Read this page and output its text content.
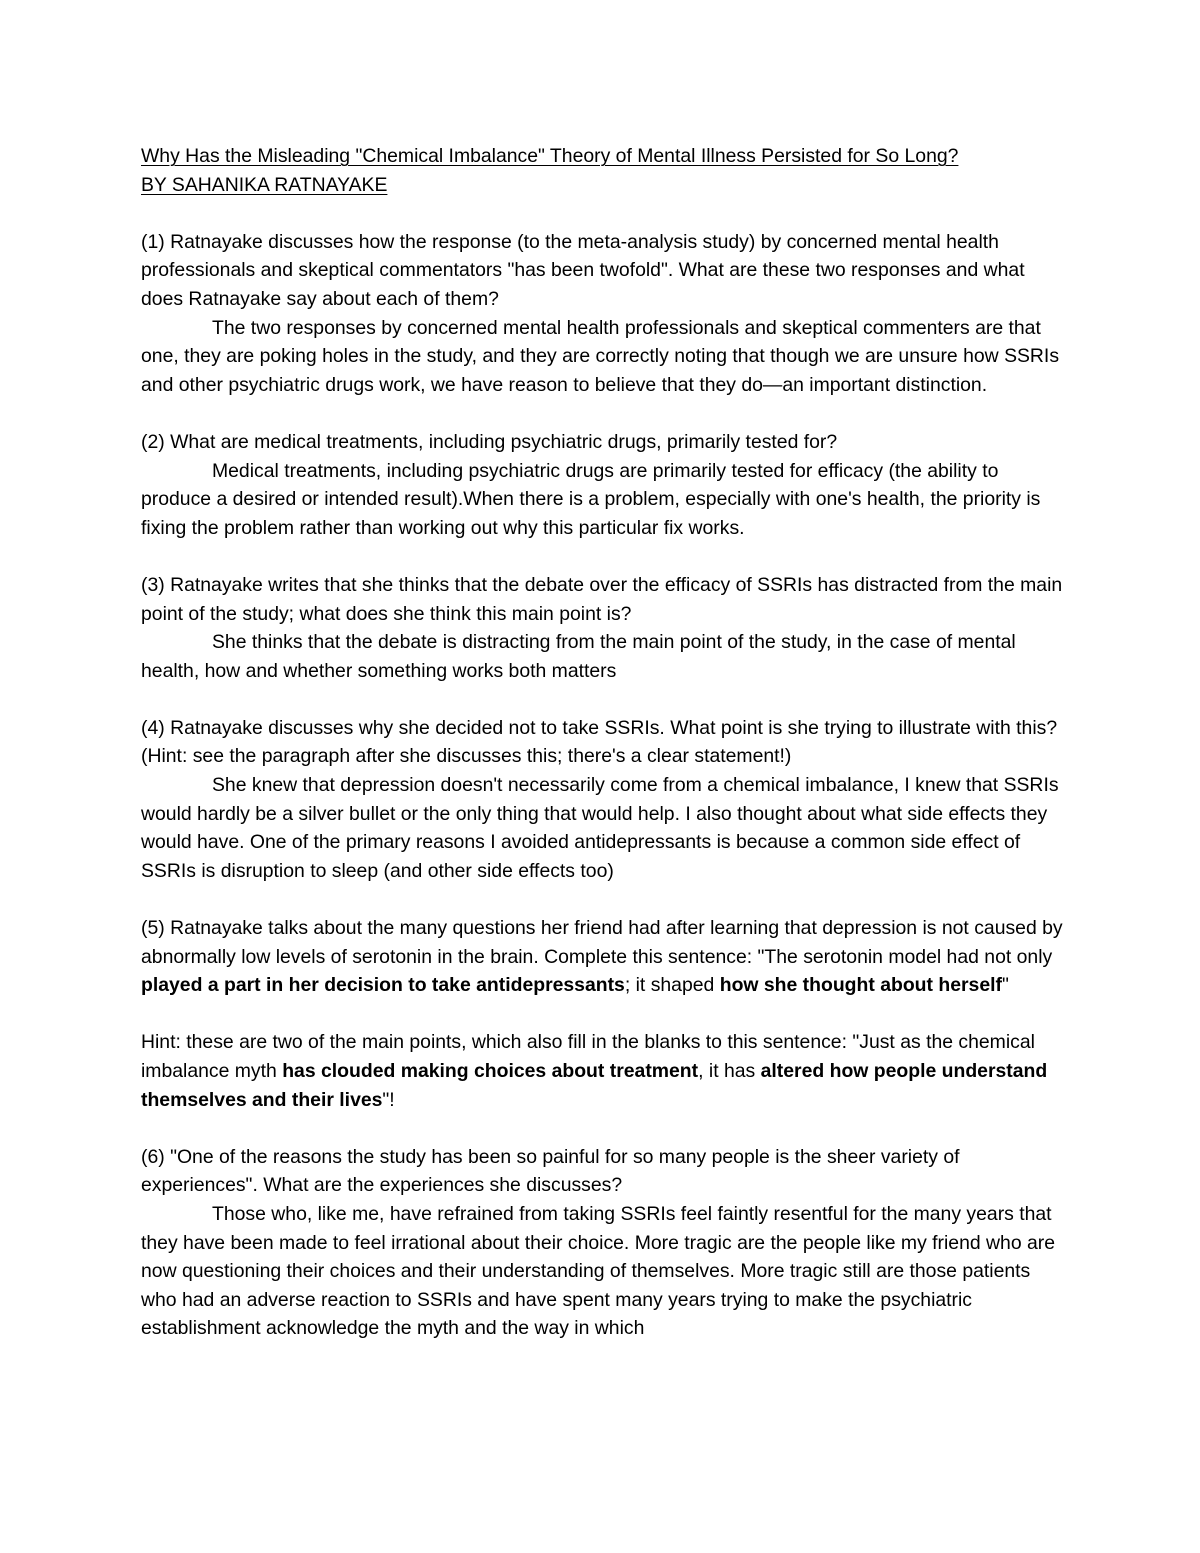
Why Has the Misleading "Chemical Imbalance" Theory of Mental Illness Persisted for So Long?
BY SAHANIKA RATNAYAKE
(1) Ratnayake discusses how the response (to the meta-analysis study) by concerned mental health professionals and skeptical commentators "has been twofold". What are these two responses and what does Ratnayake say about each of them?
The two responses by concerned mental health professionals and skeptical commenters are that one, they are poking holes in the study, and they are correctly noting that though we are unsure how SSRIs and other psychiatric drugs work, we have reason to believe that they do—an important distinction.
(2) What are medical treatments, including psychiatric drugs, primarily tested for?
Medical treatments, including psychiatric drugs are primarily tested for efficacy (the ability to produce a desired or intended result).When there is a problem, especially with one's health, the priority is fixing the problem rather than working out why this particular fix works.
(3) Ratnayake writes that she thinks that the debate over the efficacy of SSRIs has distracted from the main point of the study; what does she think this main point is?
She thinks that the debate is distracting from the main point of the study, in the case of mental health, how and whether something works both matters
(4) Ratnayake discusses why she decided not to take SSRIs. What point is she trying to illustrate with this? (Hint: see the paragraph after she discusses this; there's a clear statement!)
She knew that depression doesn't necessarily come from a chemical imbalance, I knew that SSRIs would hardly be a silver bullet or the only thing that would help. I also thought about what side effects they would have. One of the primary reasons I avoided antidepressants is because a common side effect of SSRIs is disruption to sleep (and other side effects too)
(5) Ratnayake talks about the many questions her friend had after learning that depression is not caused by abnormally low levels of serotonin in the brain. Complete this sentence: "The serotonin model had not only played a part in her decision to take antidepressants; it shaped how she thought about herself"
Hint: these are two of the main points, which also fill in the blanks to this sentence: "Just as the chemical imbalance myth has clouded making choices about treatment, it has altered how people understand themselves and their lives"!
(6) "One of the reasons the study has been so painful for so many people is the sheer variety of experiences". What are the experiences she discusses?
Those who, like me, have refrained from taking SSRIs feel faintly resentful for the many years that they have been made to feel irrational about their choice. More tragic are the people like my friend who are now questioning their choices and their understanding of themselves. More tragic still are those patients who had an adverse reaction to SSRIs and have spent many years trying to make the psychiatric establishment acknowledge the myth and the way in which
